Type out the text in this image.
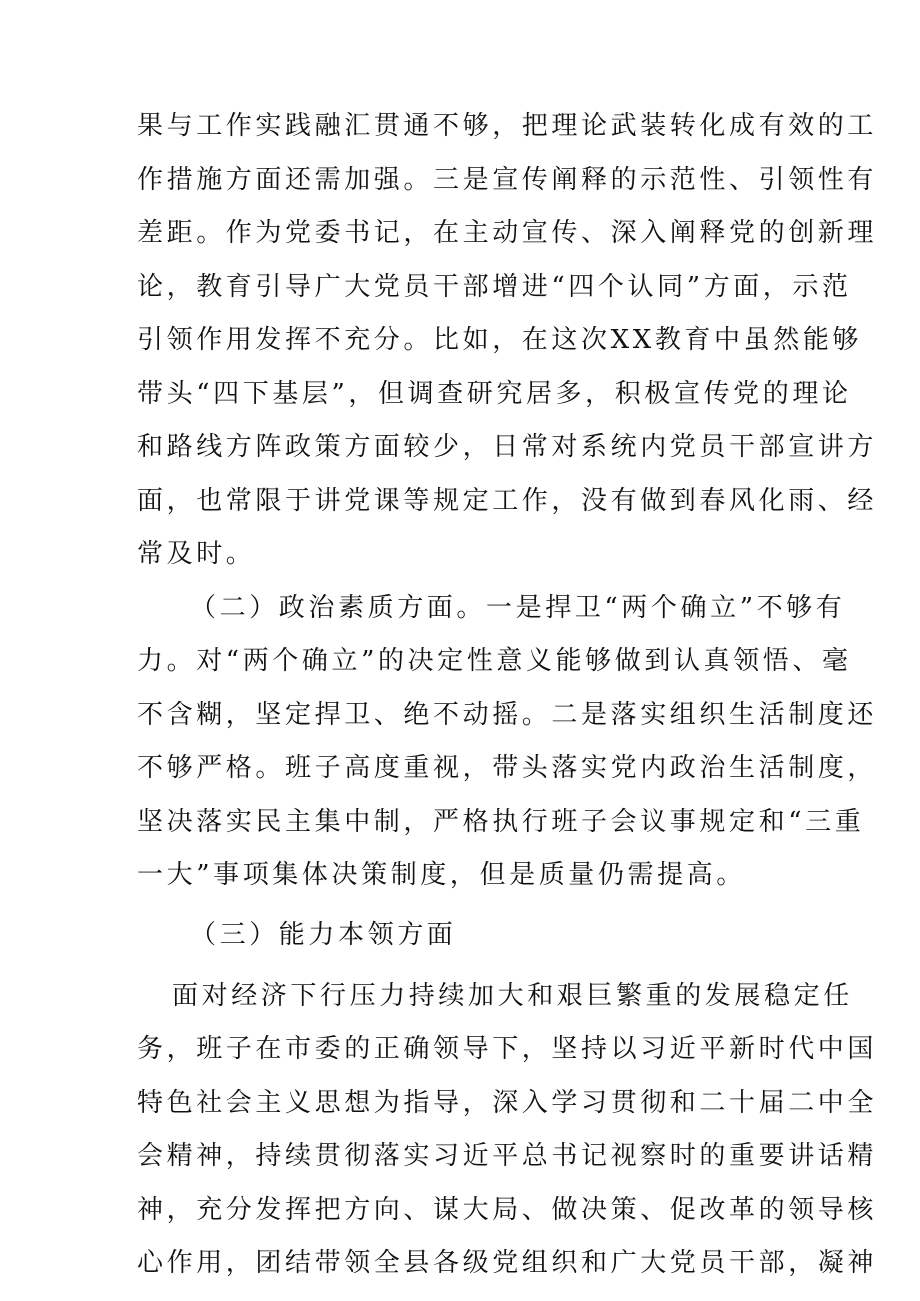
果与工作实践融汇贯通不够，把理论武装转化成有效的工
作措施方面还需加强。三是宣传阐释的示范性、引领性有
差距。作为党委书记，在主动宣传、深入阐释党的创新理
论，教育引导广大党员干部增进“四个认同”方面，示范
引领作用发挥不充分。比如，在这次XX教育中虽然能够
带头“四下基层”，但调查研究居多，积极宣传党的理论
和路线方阵政策方面较少，日常对系统内党员干部宣讲方
面，也常限于讲党课等规定工作，没有做到春风化雨、经
常及时。
（二）政治素质方面。一是捍卫“两个确立”不够有
力。对“两个确立”的决定性意义能够做到认真领悟、毫
不含糊，坚定捍卫、绝不动摇。二是落实组织生活制度还
不够严格。班子高度重视，带头落实党内政治生活制度，
坚决落实民主集中制，严格执行班子会议事规定和“三重
一大”事项集体决策制度，但是质量仍需提高。
（三）能力本领方面
面对经济下行压力持续加大和艰巨繁重的发展稳定任
务，班子在市委的正确领导下，坚持以习近平新时代中国
特色社会主义思想为指导，深入学习贯彻和二十届二中全
会精神，持续贯彻落实习近平总书记视察时的重要讲话精
神，充分发挥把方向、谋大局、做决策、促改革的领导核
心作用，团结带领全县各级党组织和广大党员干部，凝神
